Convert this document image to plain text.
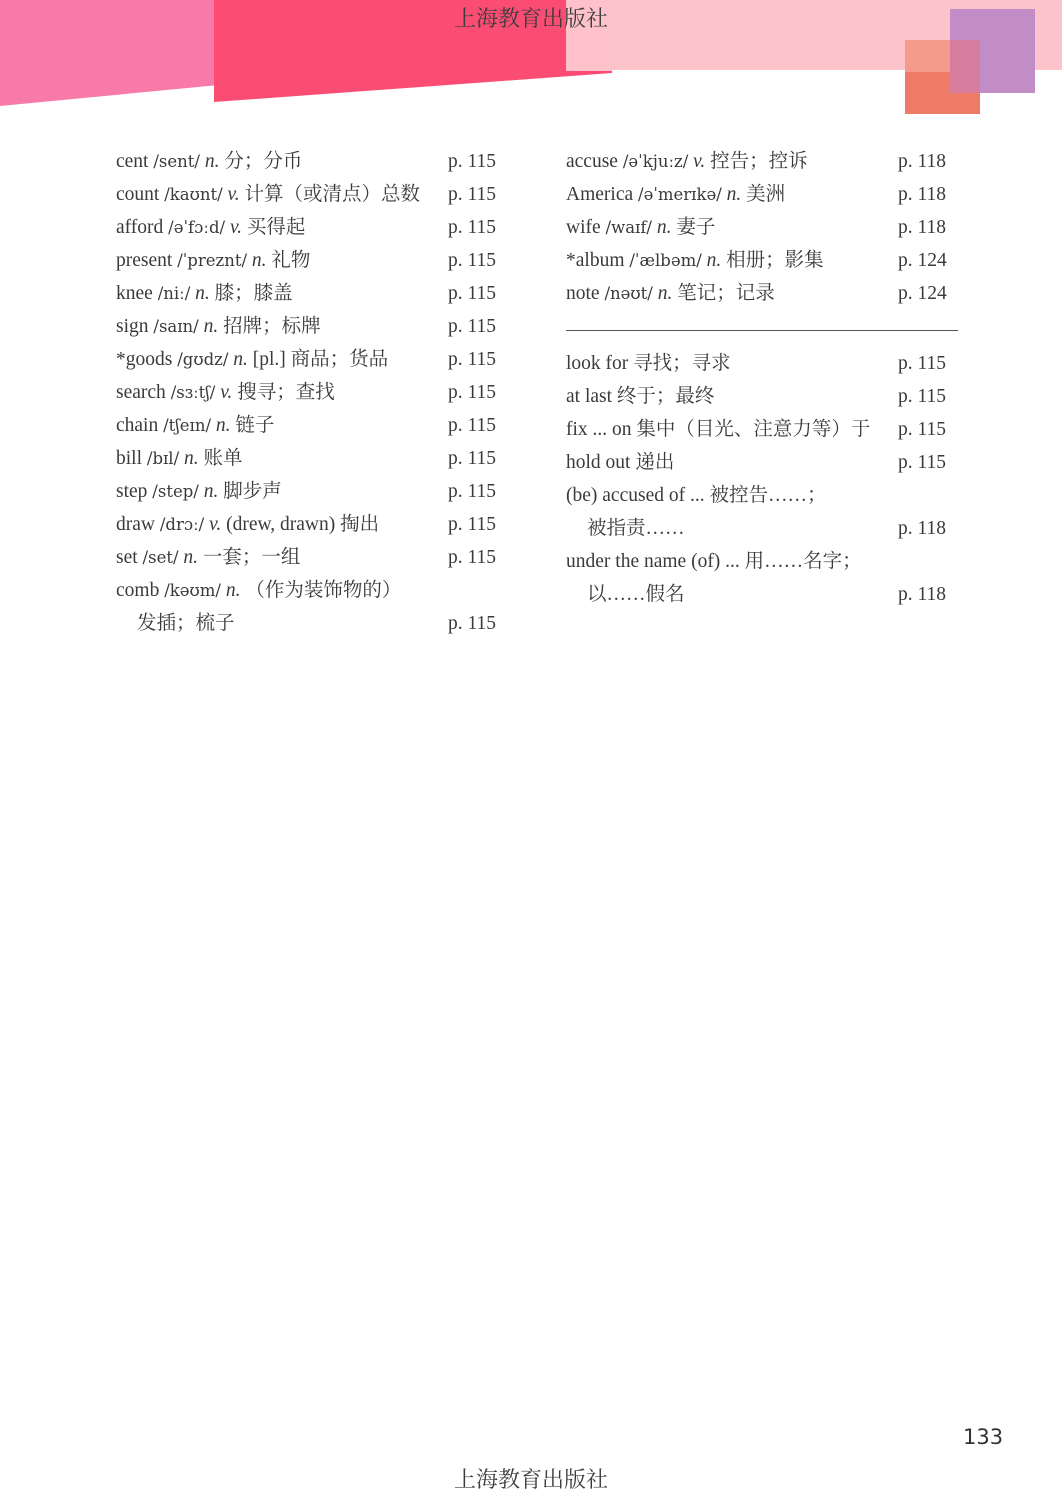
上海教育出版社
cent /sent/ n. 分；分币	p. 115
count /kaʊnt/ v. 计算（或清点）总数 p. 115
afford /əˈfɔːd/ v. 买得起	p. 115
present /ˈpreznt/ n. 礼物	p. 115
knee /niː/ n. 膝；膝盖	p. 115
sign /saɪn/ n. 招牌；标牌	p. 115
*goods /gʊdz/ n. [pl.] 商品；货品	p. 115
search /sɜːtʃ/ v. 搜寻；查找	p. 115
chain /tʃeɪn/ n. 链子	p. 115
bill /bɪl/ n. 账单	p. 115
step /step/ n. 脚步声	p. 115
draw /drɔː/ v. (drew, drawn) 掏出	p. 115
set /set/ n. 一套；一组	p. 115
comb /kəʊm/ n. （作为装饰物的）
发插；梳子	p. 115
accuse /əˈkjuːz/ v. 控告；控诉	p. 118
America /əˈmerɪkə/ n. 美洲	p. 118
wife /waɪf/ n. 妻子	p. 118
*album /ˈælbəm/ n. 相册；影集	p. 124
note /nəʊt/ n. 笔记；记录	p. 124
look for 寻找；寻求	p. 115
at last 终于；最终	p. 115
fix ... on 集中（目光、注意力等）于 p. 115
hold out 递出	p. 115
(be) accused of ... 被控告……；
被指责……	p. 118
under the name (of) ... 用……名字；
以……假名	p. 118
133
上海教育出版社
